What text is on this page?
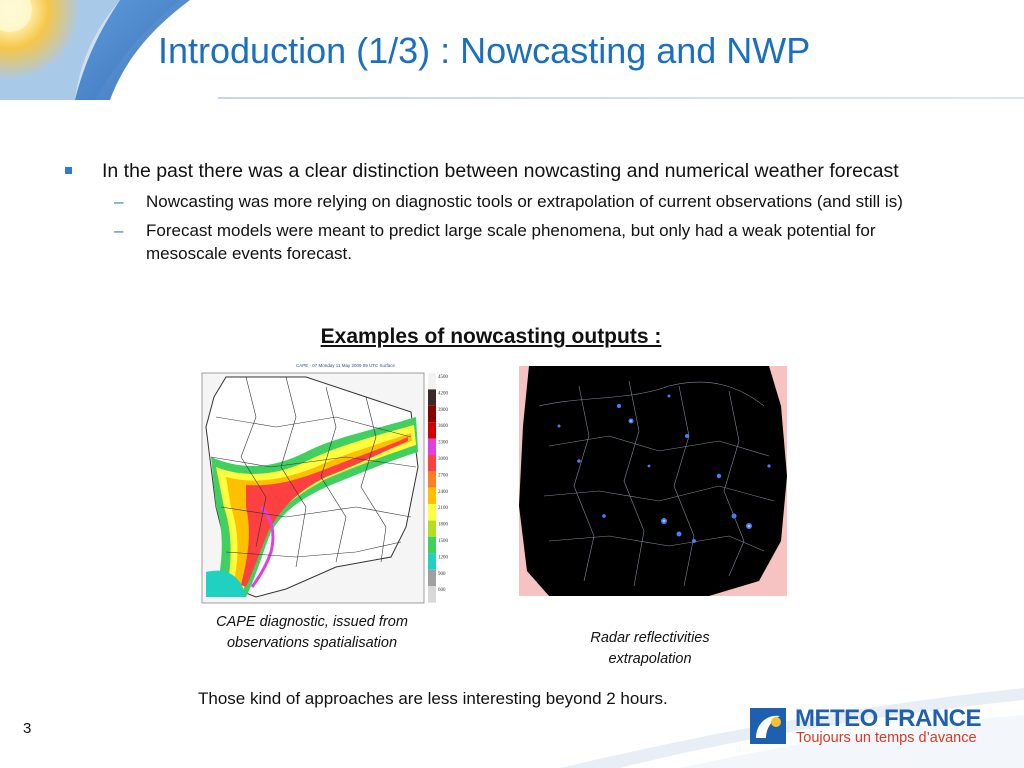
Introduction (1/3) : Nowcasting and NWP
In the past there was a clear distinction between nowcasting and numerical weather forecast
– Nowcasting was more relying on diagnostic tools or extrapolation of current observations (and still is)
– Forecast models were meant to predict large scale phenomena, but only had a weak potential for mesoscale events forecast.
Examples of nowcasting outputs :
CAPE · 07 Monday 11 May 2009 09 UTC Surface
4500
4200
3900
3600
3300
3000
2700
2400
2100
1800
1500
1200
900
600
CAPE diagnostic, issued from observations spatialisation	Radar reflectivities extrapolation
Those kind of approaches are less interesting beyond 2 hours.
3	METEO FRANCE
Toujours un temps d’avance
